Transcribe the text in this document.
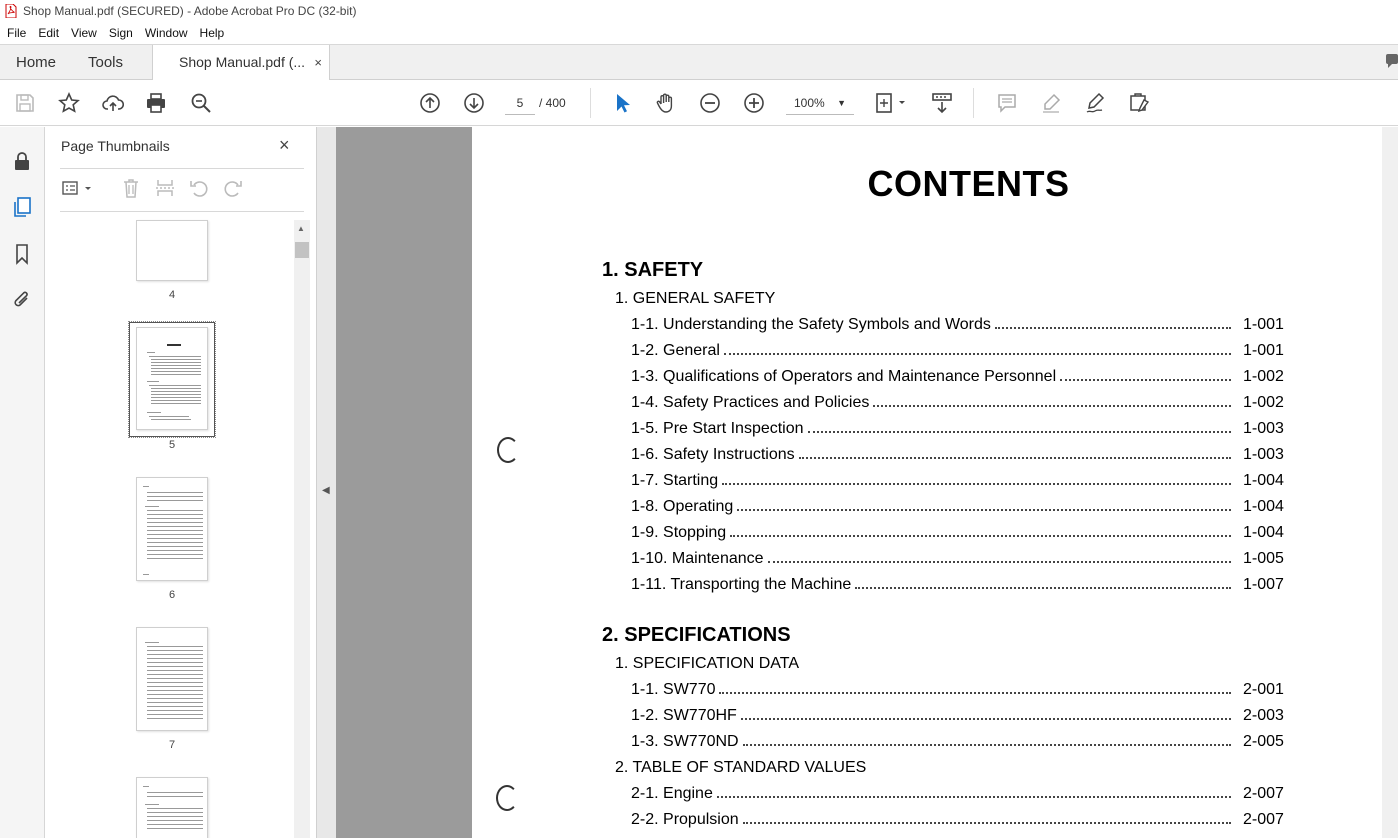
Shop Manual.pdf (SECURED) - Adobe Acrobat Pro DC (32-bit)
File	Edit	View	Sign	Window	Help
Home Tools	Shop Manual.pdf (... ×
5	/ 400	100% ▼
Page Thumbnails	×
4
5
6
7
▲
◀
CONTENTS
1. SAFETY
1. GENERAL SAFETY
1-1. Understanding the Safety Symbols and Words	1-001
1-2. General	1-001
1-3. Qualifications of Operators and Maintenance Personnel	1-002
1-4. Safety Practices and Policies	1-002
1-5. Pre Start Inspection	1-003
1-6. Safety Instructions	1-003
1-7. Starting	1-004
1-8. Operating	1-004
1-9. Stopping	1-004
1-10. Maintenance	1-005
1-11. Transporting the Machine	1-007
2. SPECIFICATIONS
1. SPECIFICATION DATA
1-1. SW770	2-001
1-2. SW770HF	2-003
1-3. SW770ND	2-005
2. TABLE OF STANDARD VALUES
2-1. Engine	2-007
2-2. Propulsion	2-007
